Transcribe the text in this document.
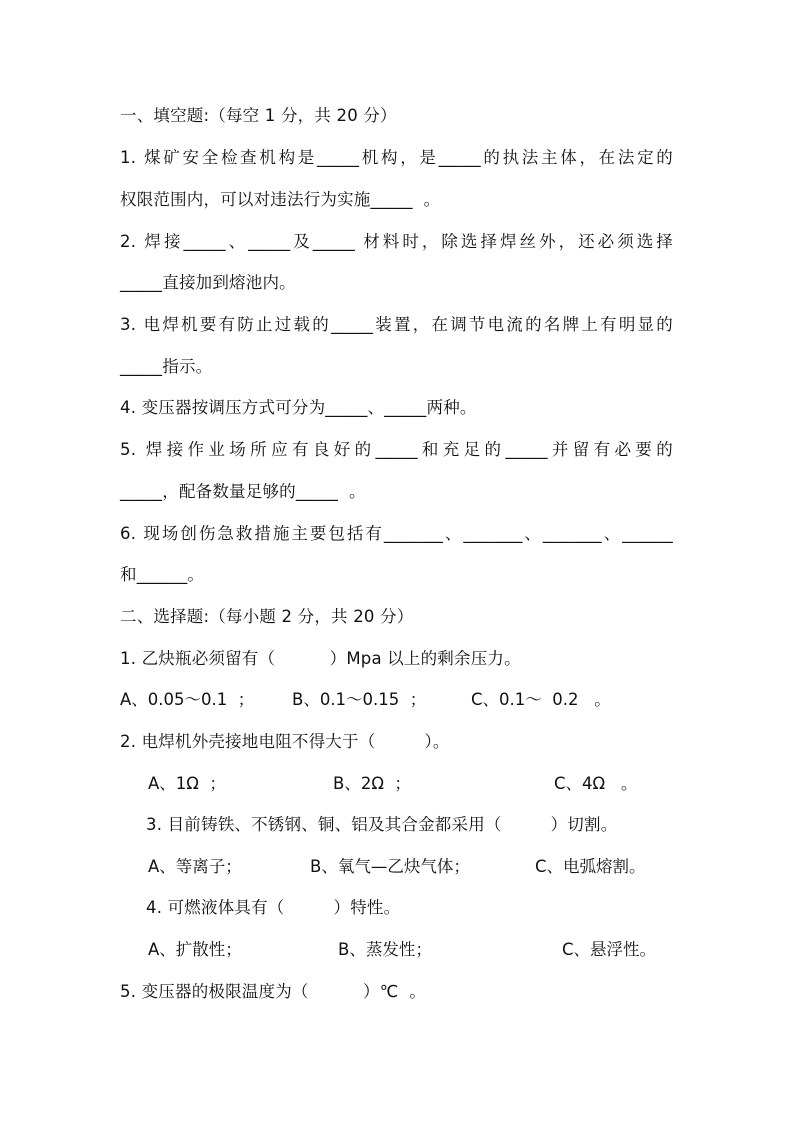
一、填空题:（每空 1 分，共 20 分）
1. 煤矿安全检查机构是_____机构，是_____的执法主体，在法定的
权限范围内，可以对违法行为实施_____  。
2. 焊接_____、_____及_____ 材料时，除选择焊丝外，还必须选择
_____直接加到熔池内。
3. 电焊机要有防止过载的_____装置，在调节电流的名牌上有明显的
_____指示。
4. 变压器按调压方式可分为_____、_____两种。
5. 焊接作业场所应有良好的_____和充足的_____并留有必要的
_____，配备数量足够的_____  。
6. 现场创伤急救措施主要包括有_______、_______、_______、______
和______。
二、选择题:（每小题 2 分，共 20 分）
1. 乙炔瓶必须留有（          ）Mpa 以上的剩余压力。
A、0.05～0.1  ； B、0.1～0.15  ；	C、0.1～  0.2   。
2. 电焊机外壳接地电阻不得大于（         ）。
A、1Ω  ；	B、2Ω  ；	C、4Ω   。
3. 目前铸铁、不锈钢、铜、铝及其合金都采用（         ）切割。
A、等离子；	B、氧气—乙炔气体；	C、电弧熔割。
4. 可燃液体具有（         ）特性。
A、扩散性；	B、蒸发性；	C、悬浮性。
5. 变压器的极限温度为（          ）℃  。
